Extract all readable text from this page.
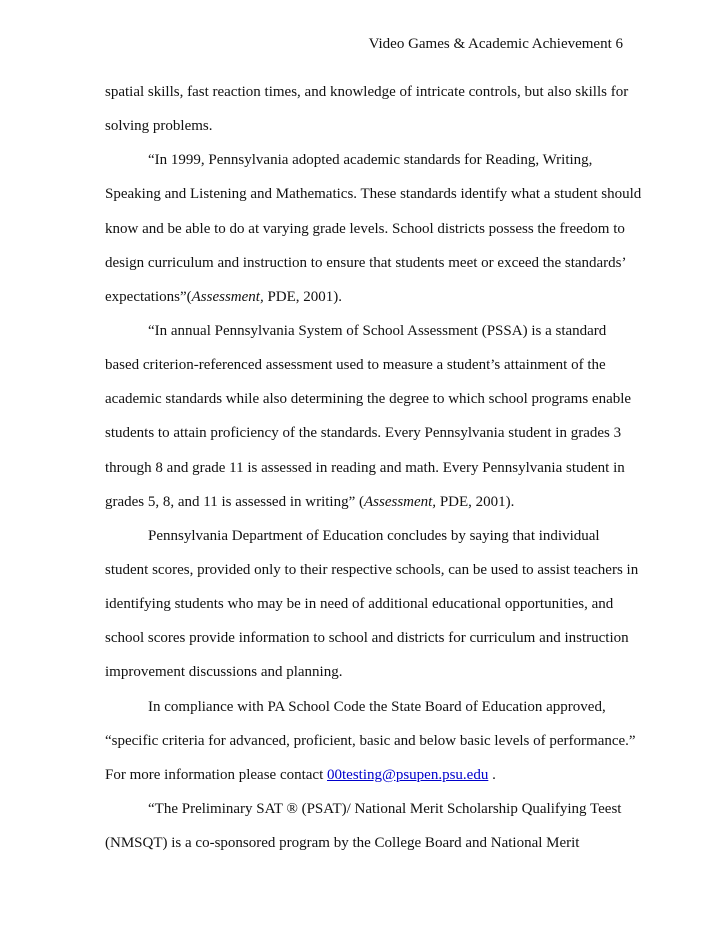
Video Games & Academic Achievement 6
spatial skills, fast reaction times, and knowledge of intricate controls, but also skills for
solving problems.
“In 1999, Pennsylvania adopted academic standards for Reading, Writing,
Speaking and Listening and Mathematics. These standards identify what a student should
know and be able to do at varying grade levels. School districts possess the freedom to
design curriculum and instruction to ensure that students meet or exceed the standards’
expectations”(Assessment, PDE, 2001).
“In annual Pennsylvania System of School Assessment (PSSA) is a standard
based criterion-referenced assessment used to measure a student’s attainment of the
academic standards while also determining the degree to which school programs enable
students to attain proficiency of the standards. Every Pennsylvania student in grades 3
through 8 and grade 11 is assessed in reading and math. Every Pennsylvania student in
grades 5, 8, and 11 is assessed in writing” (Assessment, PDE, 2001).
Pennsylvania Department of Education concludes by saying that individual
student scores, provided only to their respective schools, can be used to assist teachers in
identifying students who may be in need of additional educational opportunities, and
school scores provide information to school and districts for curriculum and instruction
improvement discussions and planning.
In compliance with PA School Code the State Board of Education approved,
“specific criteria for advanced, proficient, basic and below basic levels of performance.”
For more information please contact 00testing@psupen.psu.edu .
“The Preliminary SAT ® (PSAT)/ National Merit Scholarship Qualifying Teest
(NMSQT) is a co-sponsored program by the College Board and National Merit
